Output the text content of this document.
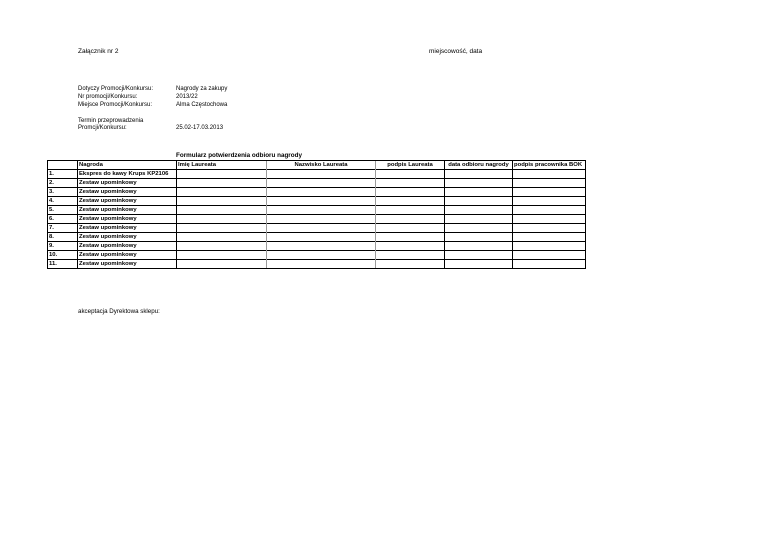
Załącznik nr 2	miejscowość, data
Dotyczy Promocji/Konkursu:	Nagrody za zakupy
Nr promocji/Konkursu:	2013/22
Miejsce Promocji/Konkursu:	Alma Częstochowa
Termin przeprowadzenia
Promcji/Konkursu:	25.02-17.03.2013
Formularz potwierdzenia odbioru nagrody
	Nagroda	Imię Laureata	Nazwisko Laureata	podpis Laureata	data odbioru nagrody	podpis pracownika BOK
1.	Ekspres do kawy Krups KP2106					
2.	Zestaw upominkowy					
3.	Zestaw upominkowy					
4.	Zestaw upominkowy					
5.	Zestaw upominkowy					
6.	Zestaw upominkowy					
7.	Zestaw upominkowy					
8.	Zestaw upominkowy					
9.	Zestaw upominkowy					
10.	Zestaw upominkowy					
11.	Zestaw upominkowy					
akceptacja Dyrektowa sklepu:
